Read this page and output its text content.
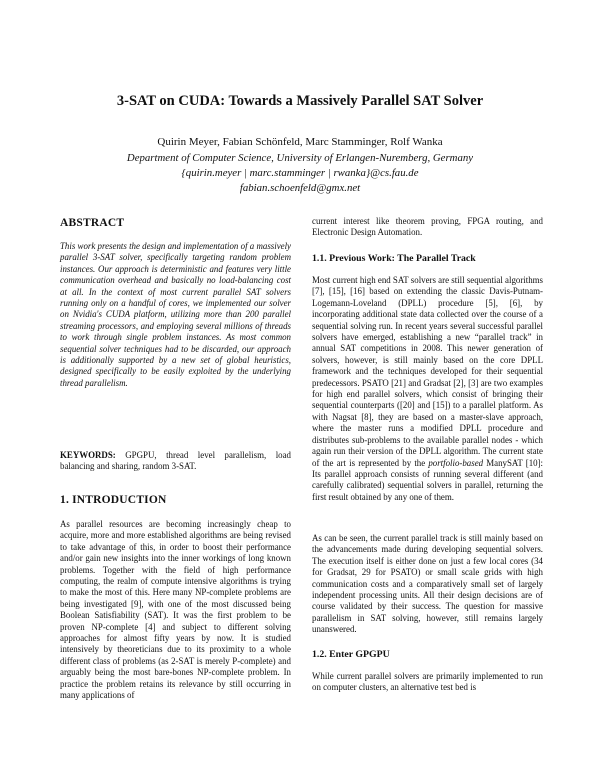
3-SAT on CUDA: Towards a Massively Parallel SAT Solver

Quirin Meyer, Fabian Schönfeld, Marc Stamminger, Rolf Wanka

Department of Computer Science, University of Erlangen-Nuremberg, Germany
{quirin.meyer | marc.stamminger | rwanka}@cs.fau.de
fabian.schoenfeld@gmx.net
ABSTRACT

This work presents the design and implementation of a massively parallel 3-SAT solver, specifically targeting random problem instances. Our approach is deterministic and features very little communication overhead and basically no load-balancing cost at all. In the context of most current parallel SAT solvers running only on a handful of cores, we implemented our solver on Nvidia's CUDA platform, utilizing more than 200 parallel streaming processors, and employing several millions of threads to work through single problem instances. As most common sequential solver techniques had to be discarded, our approach is additionally supported by a new set of global heuristics, designed specifically to be easily exploited by the underlying thread parallelism.

KEYWORDS: GPGPU, thread level parallelism, load balancing and sharing, random 3-SAT.

1. INTRODUCTION

As parallel resources are becoming increasingly cheap to acquire, more and more established algorithms are being revised to take advantage of this, in order to boost their performance and/or gain new insights into the inner workings of long known problems. Together with the field of high performance computing, the realm of compute intensive algorithms is trying to make the most of this. Here many NP-complete problems are being investigated [9], with one of the most discussed being Boolean Satisfiability (SAT). It was the first problem to be proven NP-complete [4] and subject to different solving approaches for almost fifty years by now. It is studied intensively by theoreticians due to its proximity to a whole different class of problems (as 2-SAT is merely P-complete) and arguably being the most bare-bones NP-complete problem. In practice the problem retains its relevance by still occurring in many applications of

current interest like theorem proving, FPGA routing, and Electronic Design Automation.

1.1. Previous Work: The Parallel Track

Most current high end SAT solvers are still sequential algorithms [7], [15], [16] based on extending the classic Davis-Putnam-Logemann-Loveland (DPLL) procedure [5], [6], by incorporating additional state data collected over the course of a sequential solving run. In recent years several successful parallel solvers have emerged, establishing a new “parallel track” in annual SAT competitions in 2008. This newer generation of solvers, however, is still mainly based on the core DPLL framework and the techniques developed for their sequential predecessors. PSATO [21] and Gradsat [2], [3] are two examples for high end parallel solvers, which consist of bringing their sequential counterparts ([20] and [15]) to a parallel platform. As with Nagsat [8], they are based on a master-slave approach, where the master runs a modified DPLL procedure and distributes sub-problems to the available parallel nodes - which again run their version of the DPLL algorithm. The current state of the art is represented by the portfolio-based ManySAT [10]: Its parallel approach consists of running several different (and carefully calibrated) sequential solvers in parallel, returning the first result obtained by any one of them.

As can be seen, the current parallel track is still mainly based on the advancements made during developing sequential solvers. The execution itself is either done on just a few local cores (34 for Gradsat, 29 for PSATO) or small scale grids with high communication costs and a comparatively small set of largely independent processing units. All their design decisions are of course validated by their success. The question for massive parallelism in SAT solving, however, still remains largely unanswered.

1.2. Enter GPGPU

While current parallel solvers are primarily implemented to run on computer clusters, an alternative test bed is
